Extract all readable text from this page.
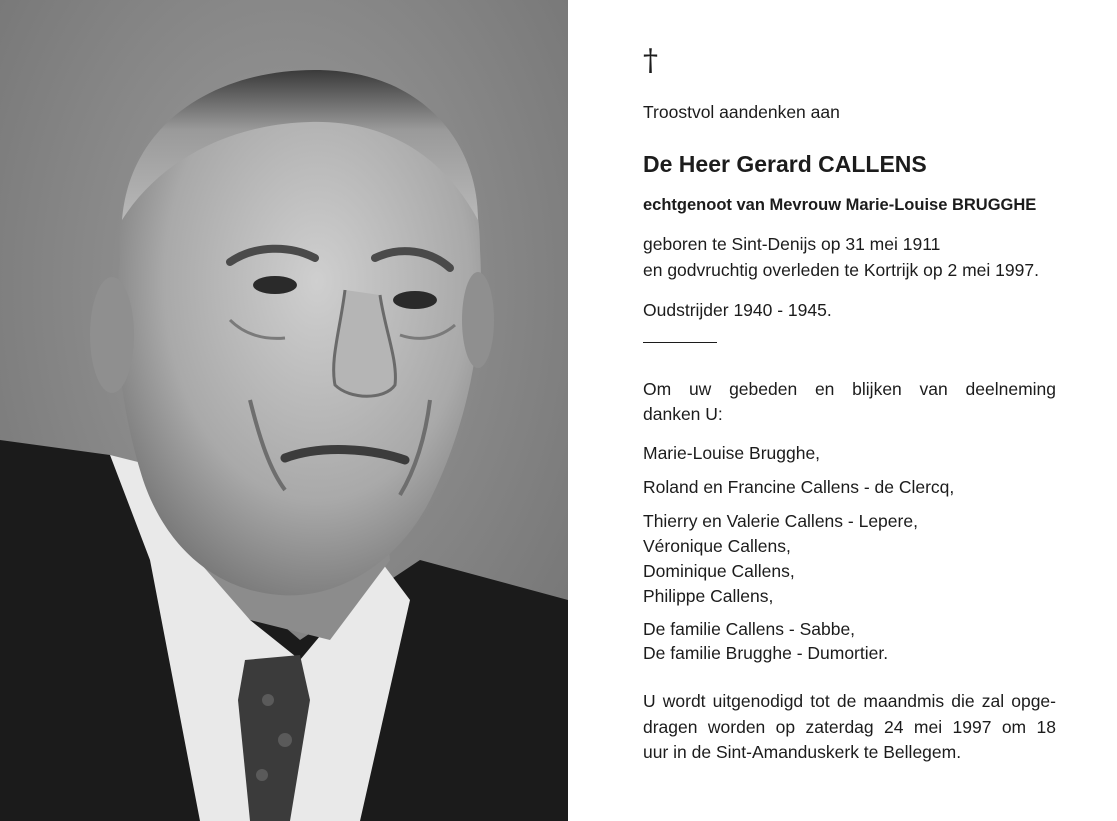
†
Troostvol aandenken aan
De Heer Gerard CALLENS
echtgenoot van Mevrouw Marie-Louise BRUGGHE
geboren te Sint-Denijs op 31 mei 1911
en godvruchtig overleden te Kortrijk op 2 mei 1997.
Oudstrijder 1940 - 1945.
Om uw gebeden en blijken van deelneming
danken U:
Marie-Louise Brugghe,
Roland en Francine Callens - de Clercq,
Thierry en Valerie Callens - Lepere,
Véronique Callens,
Dominique Callens,
Philippe Callens,
De familie Callens - Sabbe,
De familie Brugghe - Dumortier.
U wordt uitgenodigd tot de maandmis die zal opge-
dragen worden op zaterdag 24 mei 1997 om 18
uur in de Sint-Amanduskerk te Bellegem.
